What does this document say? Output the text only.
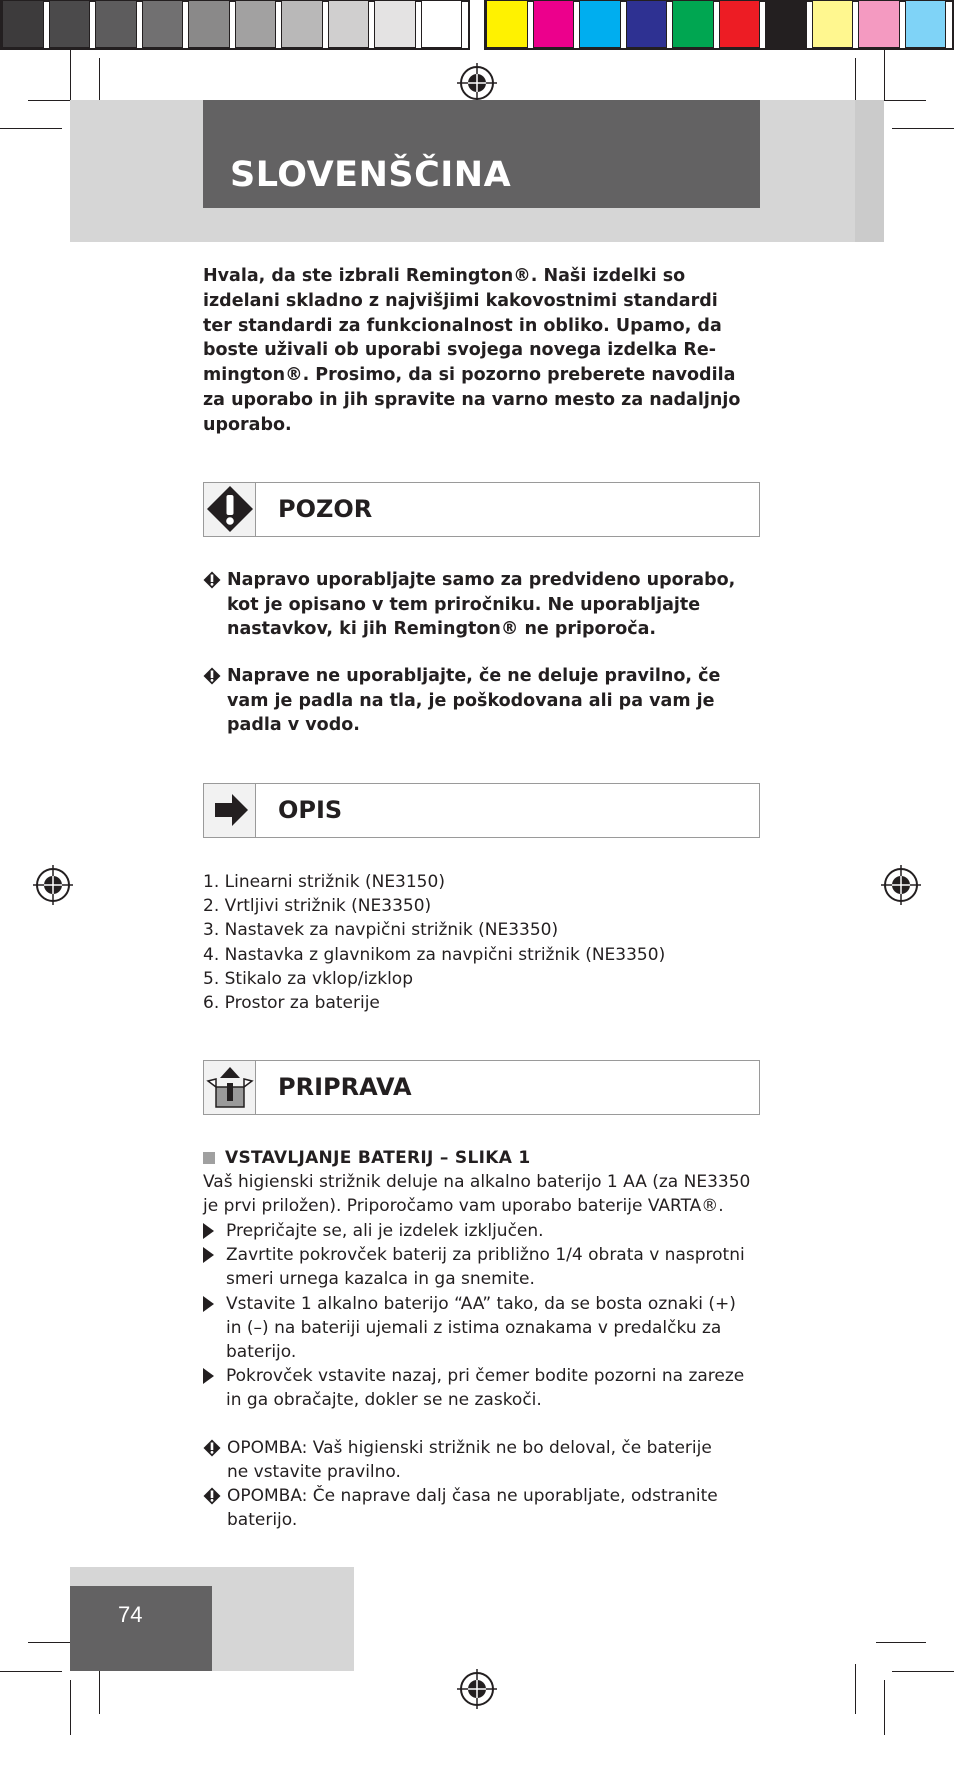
SLOVENŠČINA
Hvala, da ste izbrali Remington®. Naši izdelki so
izdelani skladno z najvišjimi kakovostnimi standardi
ter standardi za funkcionalnost in obliko. Upamo, da
boste uživali ob uporabi svojega novega izdelka Re-
mington®. Prosimo, da si pozorno preberete navodila
za uporabo in jih spravite na varno mesto za nadaljnjo
uporabo.
POZOR
Napravo uporabljajte samo za predvideno uporabo,
kot je opisano v tem priročniku. Ne uporabljajte
nastavkov, ki jih Remington® ne priporoča.
Naprave ne uporabljajte, če ne deluje pravilno, če
vam je padla na tla, je poškodovana ali pa vam je
padla v vodo.
OPIS
1. Linearni strižnik (NE3150)
2. Vrtljivi strižnik (NE3350)
3. Nastavek za navpični strižnik (NE3350)
4. Nastavka z glavnikom za navpični strižnik (NE3350)
5. Stikalo za vklop/izklop
6. Prostor za baterije
PRIPRAVA
VSTAVLJANJE BATERIJ – SLIKA 1
Vaš higienski strižnik deluje na alkalno baterijo 1 AA (za NE3350
je prvi priložen). Priporočamo vam uporabo baterije VARTA®.
Prepričajte se, ali je izdelek izključen.
Zavrtite pokrovček baterij za približno 1/4 obrata v nasprotni
smeri urnega kazalca in ga snemite.
Vstavite 1 alkalno baterijo “AA” tako, da se bosta oznaki (+)
in (–) na bateriji ujemali z istima oznakama v predalčku za
baterijo.
Pokrovček vstavite nazaj, pri čemer bodite pozorni na zareze
in ga obračajte, dokler se ne zaskoči.
OPOMBA: Vaš higienski strižnik ne bo deloval, če baterije
ne vstavite pravilno.
OPOMBA: Če naprave dalj časa ne uporabljate, odstranite
baterijo.
74
